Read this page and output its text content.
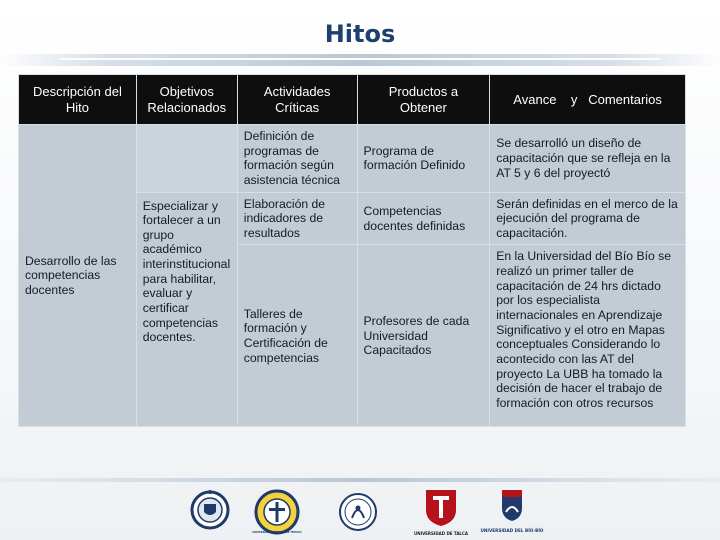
Hitos
Descripción del Hito	Objetivos Relacionados	Actividades Críticas	Productos a Obtener	Avance    y   Comentarios
Desarrollo de las competencias docentes		Definición de programas de formación según asistencia técnica	Programa de formación Definido	Se desarrolló un diseño de capacitación que se refleja en la AT 5 y 6 del proyectó
	Especializar y fortalecer a un grupo académico interinstitucional para habilitar, evaluar y certificar competencias docentes.	Elaboración de indicadores de resultados	Competencias docentes definidas	Serán definidas en el merco de la ejecución del programa de capacitación.
		Talleres de formación y Certificación de competencias	Profesores de cada Universidad Capacitados	En la Universidad del Bío Bío se realizó un primer taller de capacitación de 24 hrs dictado por los especialista internacionales en Aprendizaje Significativo y el otro en Mapas conceptuales Considerando lo acontecido con las AT del proyecto La UBB ha tomado la decisión de hacer el trabajo de formación con otros recursos
UNIVERSIDAD CATÓLICA DE TEMUCO	UNIVERSIDAD DE TALCA
UNIVERSIDAD DEL BÍO-BÍO
